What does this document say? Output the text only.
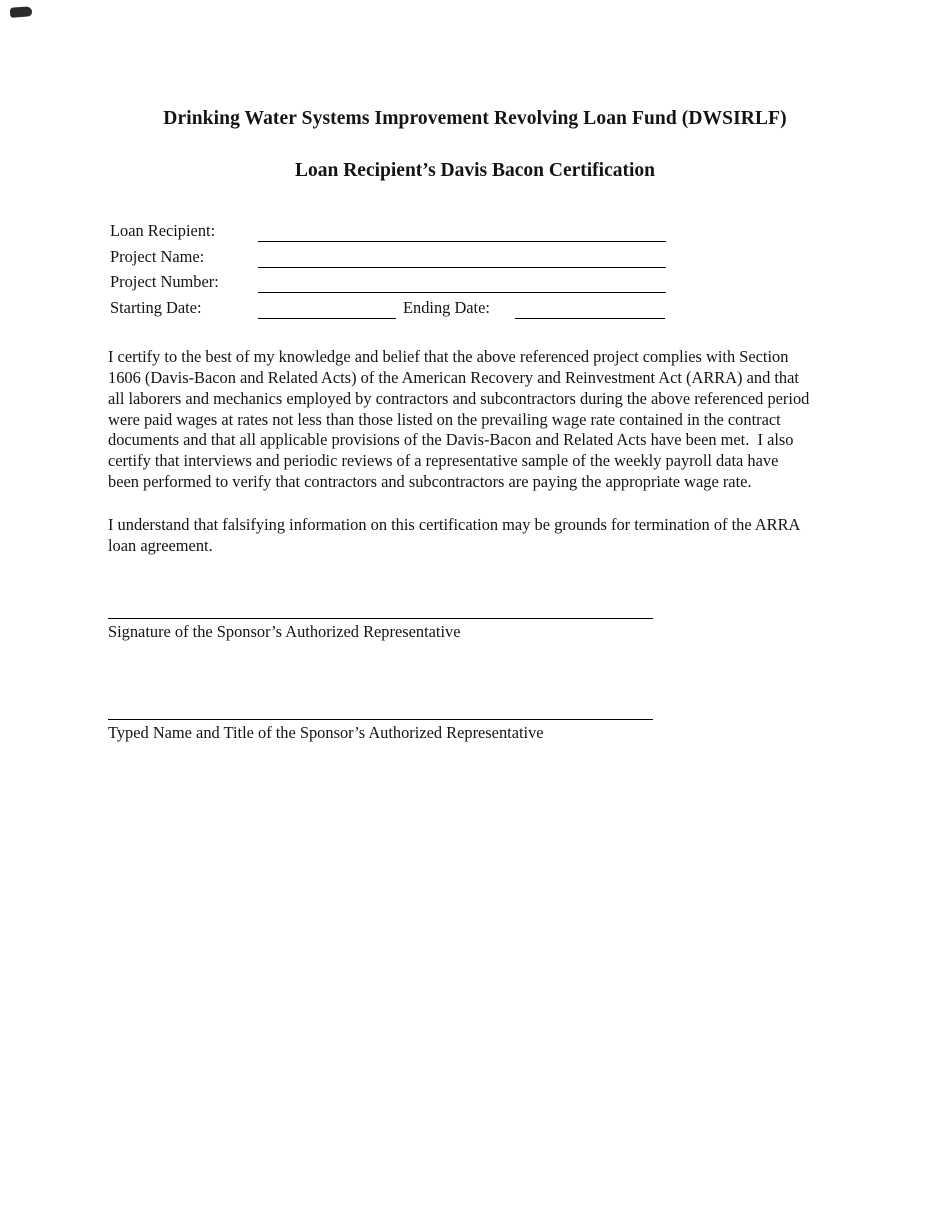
Drinking Water Systems Improvement Revolving Loan Fund (DWSIRLF)
Loan Recipient’s Davis Bacon Certification
Loan Recipient:
Project Name:
Project Number:
Starting Date:	Ending Date:

I certify to the best of my knowledge and belief that the above referenced project complies with Section 1606 (Davis-Bacon and Related Acts) of the American Recovery and Reinvestment Act (ARRA) and that all laborers and mechanics employed by contractors and subcontractors during the above referenced period were paid wages at rates not less than those listed on the prevailing wage rate contained in the contract documents and that all applicable provisions of the Davis-Bacon and Related Acts have been met.  I also certify that interviews and periodic reviews of a representative sample of the weekly payroll data have been performed to verify that contractors and subcontractors are paying the appropriate wage rate.

I understand that falsifying information on this certification may be grounds for termination of the ARRA loan agreement.

Signature of the Sponsor’s Authorized Representative
Typed Name and Title of the Sponsor’s Authorized Representative
